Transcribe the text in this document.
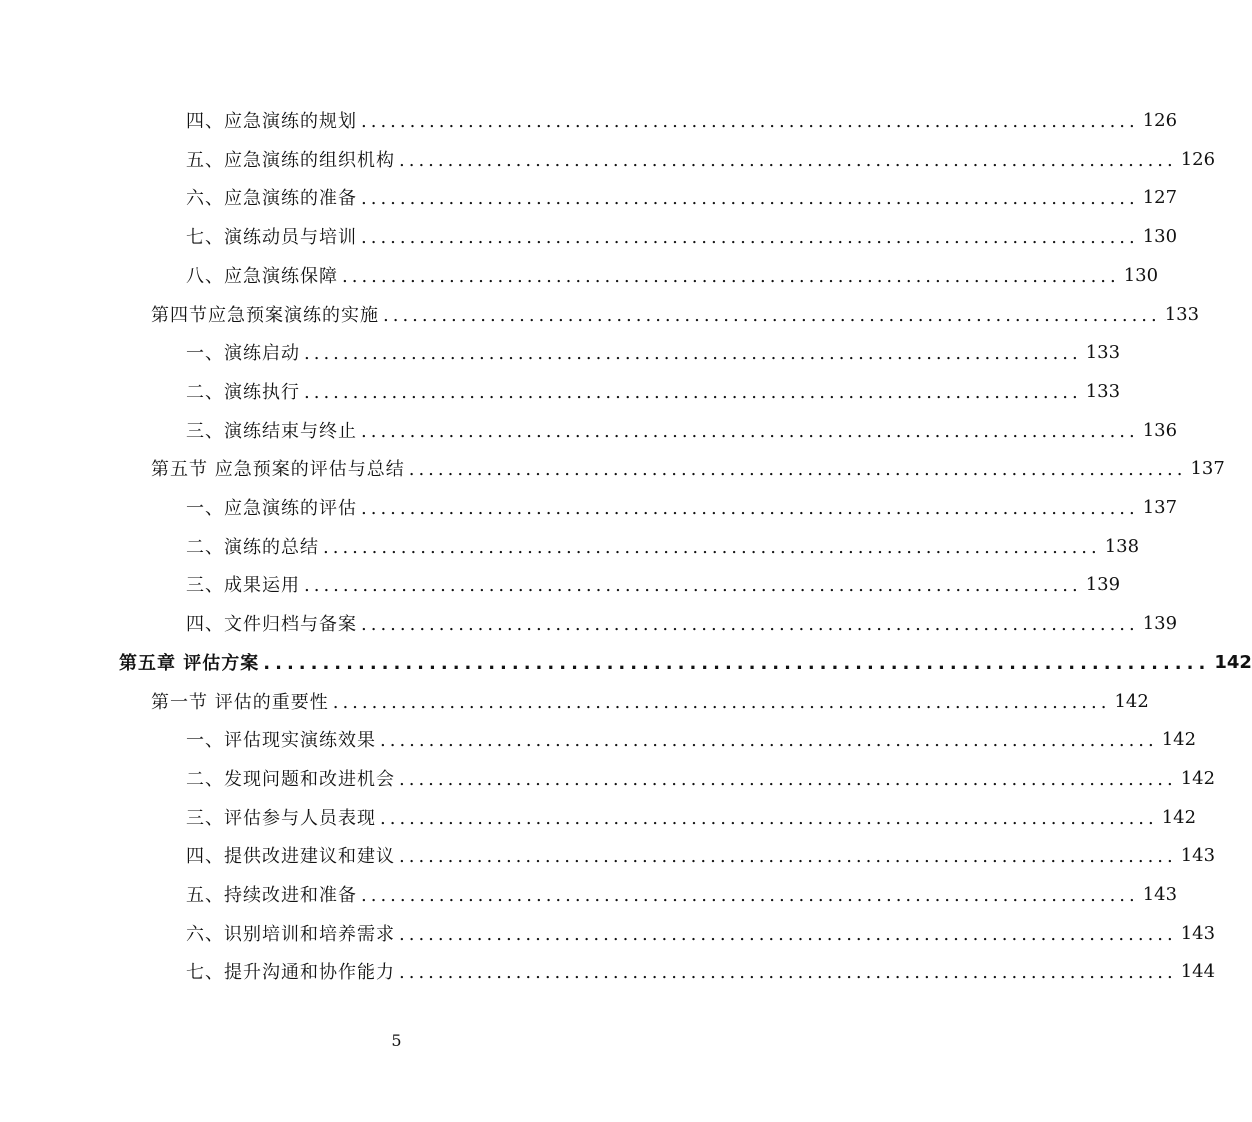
四、应急演练的规划 ................................................................................ 126
五、应急演练的组织机构 ................................................................................ 126
六、应急演练的准备 ................................................................................ 127
七、演练动员与培训 ................................................................................ 130
八、应急演练保障 ................................................................................ 130
第四节应急预案演练的实施 ................................................................................ 133
一、演练启动 ................................................................................ 133
二、演练执行 ................................................................................ 133
三、演练结束与终止 ................................................................................ 136
第五节 应急预案的评估与总结 ................................................................................ 137
一、应急演练的评估 ................................................................................ 137
二、演练的总结 ................................................................................ 138
三、成果运用 ................................................................................ 139
四、文件归档与备案 ................................................................................ 139
第五章 评估方案 ................................................................................ 142
第一节 评估的重要性 ................................................................................ 142
一、评估现实演练效果 ................................................................................ 142
二、发现问题和改进机会 ................................................................................ 142
三、评估参与人员表现 ................................................................................ 142
四、提供改进建议和建议 ................................................................................ 143
五、持续改进和准备 ................................................................................ 143
六、识别培训和培养需求 ................................................................................ 143
七、提升沟通和协作能力 ................................................................................ 144
5
